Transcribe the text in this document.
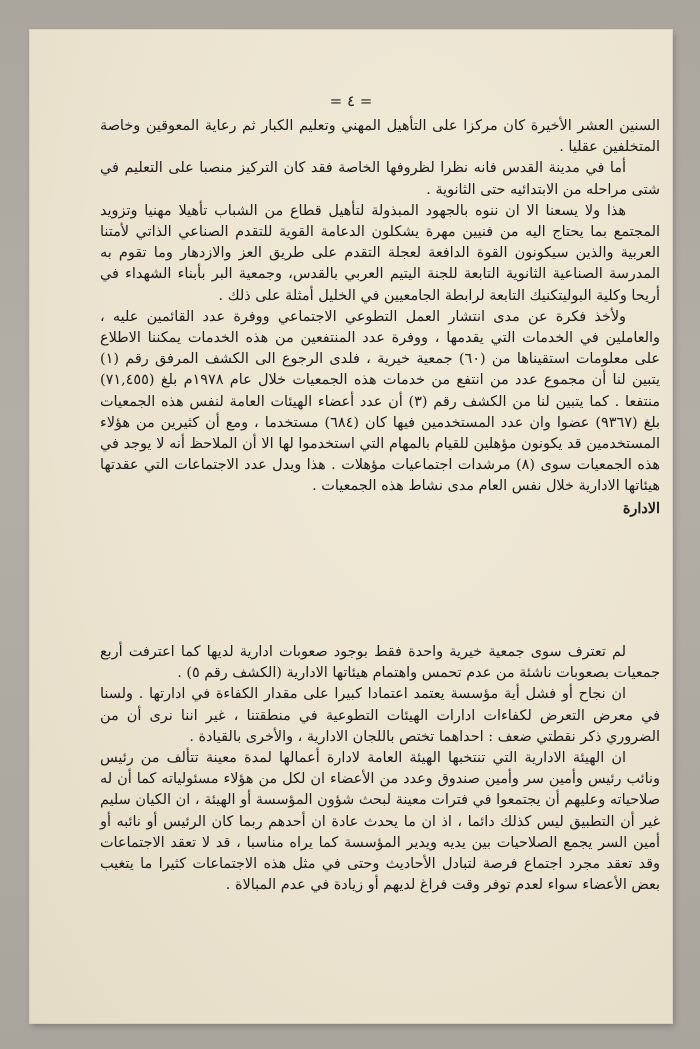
= ٤ =

السنين العشر الأخيرة كان مركزا على التأهيل المهني وتعليم الكبار ثم رعاية المعوقين وخاصة المتخلفين عقليا .

أما في مدينة القدس فانه نظرا لظروفها الخاصة فقد كان التركيز منصبا على التعليم في شتى مراحله من الابتدائيه حتى الثانوية .

هذا ولا يسعنا الا ان ننوه بالجهود المبذولة لتأهيل قطاع من الشباب تأهيلا مهنيا وتزويد المجتمع بما يحتاج اليه من فنيين مهرة يشكلون الدعامة القوية للتقدم الصناعي الذاتي لأمتنا العربية والذين سيكونون القوة الدافعة لعجلة التقدم على طريق العز والازدهار وما تقوم به المدرسة الصناعية الثانوية التابعة للجنة اليتيم العربي بالقدس، وجمعية البر بأبناء الشهداء في أريحا وكلية البوليتكنيك التابعة لرابطة الجامعيين في الخليل أمثلة على ذلك .

ولأخذ فكرة عن مدى انتشار العمل التطوعي الاجتماعي ووفرة عدد القائمين عليه ، والعاملين في الخدمات التي يقدمها ، ووفرة عدد المنتفعين من هذه الخدمات يمكننا الاطلاع على معلومات استقيناها من (٦٠) جمعية خيرية ، فلدى الرجوع الى الكشف المرفق رقم (١) يتبين لنا أن مجموع عدد من انتفع من خدمات هذه الجمعيات خلال عام ١٩٧٨م بلغ (٧١,٤٥٥) منتفعا . كما يتبين لنا من الكشف رقم (٣) أن عدد أعضاء الهيئات العامة لنفس هذه الجمعيات بلغ (٩٣٦٧) عضوا وان عدد المستخدمين فيها كان (٦٨٤) مستخدما ، ومع أن كثيرين من هؤلاء المستخدمين قد يكونون مؤهلين للقيام بالمهام التي استخدموا لها الا أن الملاحظ أنه لا يوجد في هذه الجمعيات سوى (٨) مرشدات اجتماعيات مؤهلات . هذا ويدل عدد الاجتماعات التي عقدتها هيئاتها الادارية خلال نفس العام مدى نشاط هذه الجمعيات .

الادارة

لم تعترف سوى جمعية خيرية واحدة فقط بوجود صعوبات ادارية لديها كما اعترفت أربع جمعيات بصعوبات ناشئة من عدم تحمس واهتمام هيئاتها الادارية (الكشف رقم ٥) .

ان نجاح أو فشل أية مؤسسة يعتمد اعتمادا كبيرا على مقدار الكفاءة في ادارتها . ولسنا في معرض التعرض لكفاءات ادارات الهيئات التطوعية في منطقتنا ، غير اننا نرى أن من الضروري ذكر نقطتي ضعف : احداهما تختص باللجان الادارية ، والأخرى بالقيادة .

ان الهيئة الادارية التي تنتخبها الهيئة العامة لادارة أعمالها لمدة معينة تتألف من رئيس ونائب رئيس وأمين سر وأمين صندوق وعدد من الأعضاء ان لكل من هؤلاء مسئولياته كما أن له صلاحياته وعليهم أن يجتمعوا في فترات معينة لبحث شؤون المؤسسة أو الهيئة ، ان الكيان سليم غير أن التطبيق ليس كذلك دائما ، اذ ان ما يحدث عادة ان أحدهم ربما كان الرئيس أو نائبه أو أمين السر يجمع الصلاحيات بين يديه ويدير المؤسسة كما يراه مناسبا ، قد لا تعقد الاجتماعات وقد تعقد مجرد اجتماع فرصة لتبادل الأحاديث وحتى في مثل هذه الاجتماعات كثيرا ما يتغيب بعض الأعضاء سواء لعدم توفر وقت فراغ لديهم أو زيادة في عدم المبالاة .
